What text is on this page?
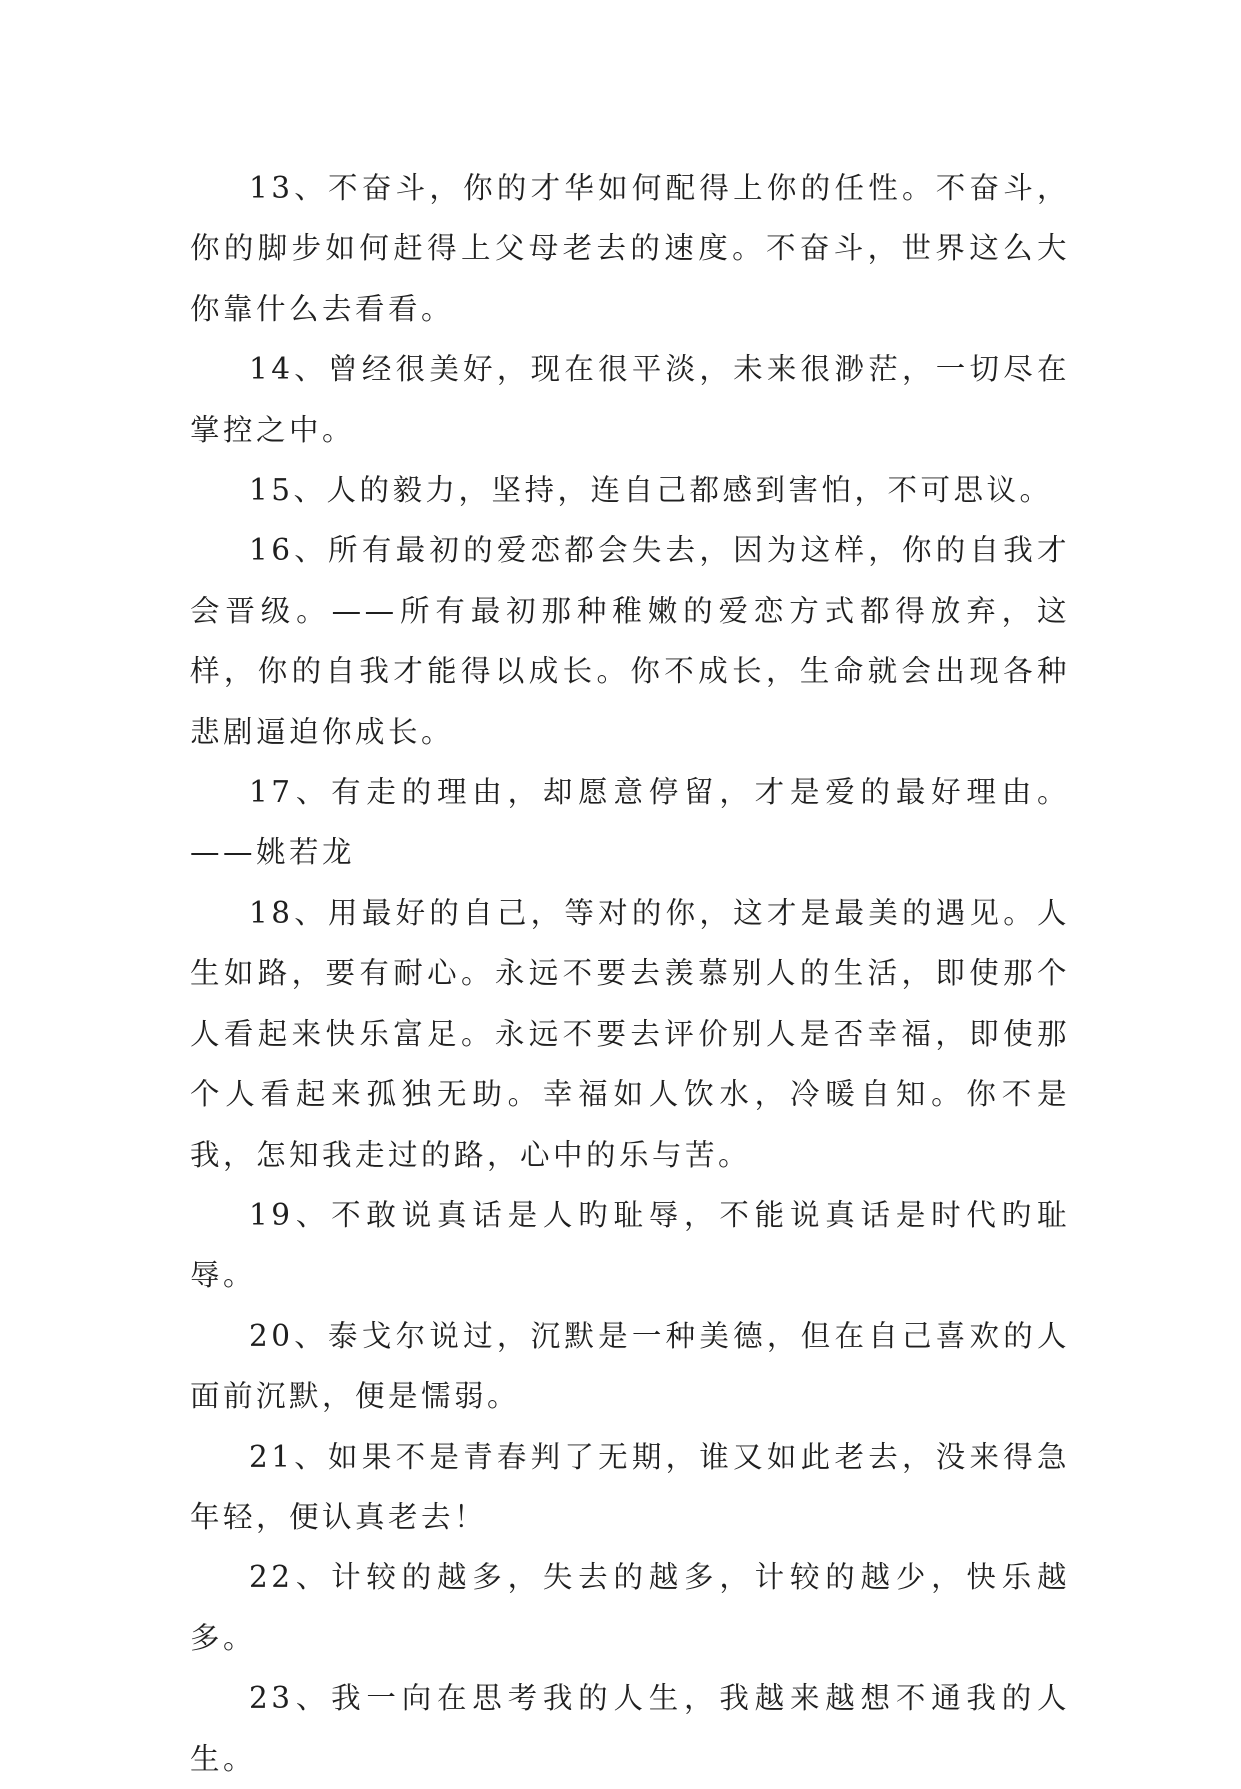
13、不奋斗，你的才华如何配得上你的任性。不奋斗，你的脚步如何赶得上父母老去的速度。不奋斗，世界这么大你靠什么去看看。

14、曾经很美好，现在很平淡，未来很渺茫，一切尽在掌控之中。

15、人的毅力，坚持，连自己都感到害怕，不可思议。

16、所有最初的爱恋都会失去，因为这样，你的自我才会晋级。——所有最初那种稚嫩的爱恋方式都得放弃，这样，你的自我才能得以成长。你不成长，生命就会出现各种悲剧逼迫你成长。

17、有走的理由，却愿意停留，才是爱的最好理由。——姚若龙

18、用最好的自己，等对的你，这才是最美的遇见。人生如路，要有耐心。永远不要去羡慕别人的生活，即使那个人看起来快乐富足。永远不要去评价别人是否幸福，即使那个人看起来孤独无助。幸福如人饮水，冷暖自知。你不是我，怎知我走过的路，心中的乐与苦。

19、不敢说真话是人旳耻辱，不能说真话是时代旳耻辱。

20、泰戈尔说过，沉默是一种美德，但在自己喜欢的人面前沉默，便是懦弱。

21、如果不是青春判了无期，谁又如此老去，没来得急年轻，便认真老去！

22、计较的越多，失去的越多，计较的越少，快乐越多。

23、我一向在思考我的人生，我越来越想不通我的人生。
